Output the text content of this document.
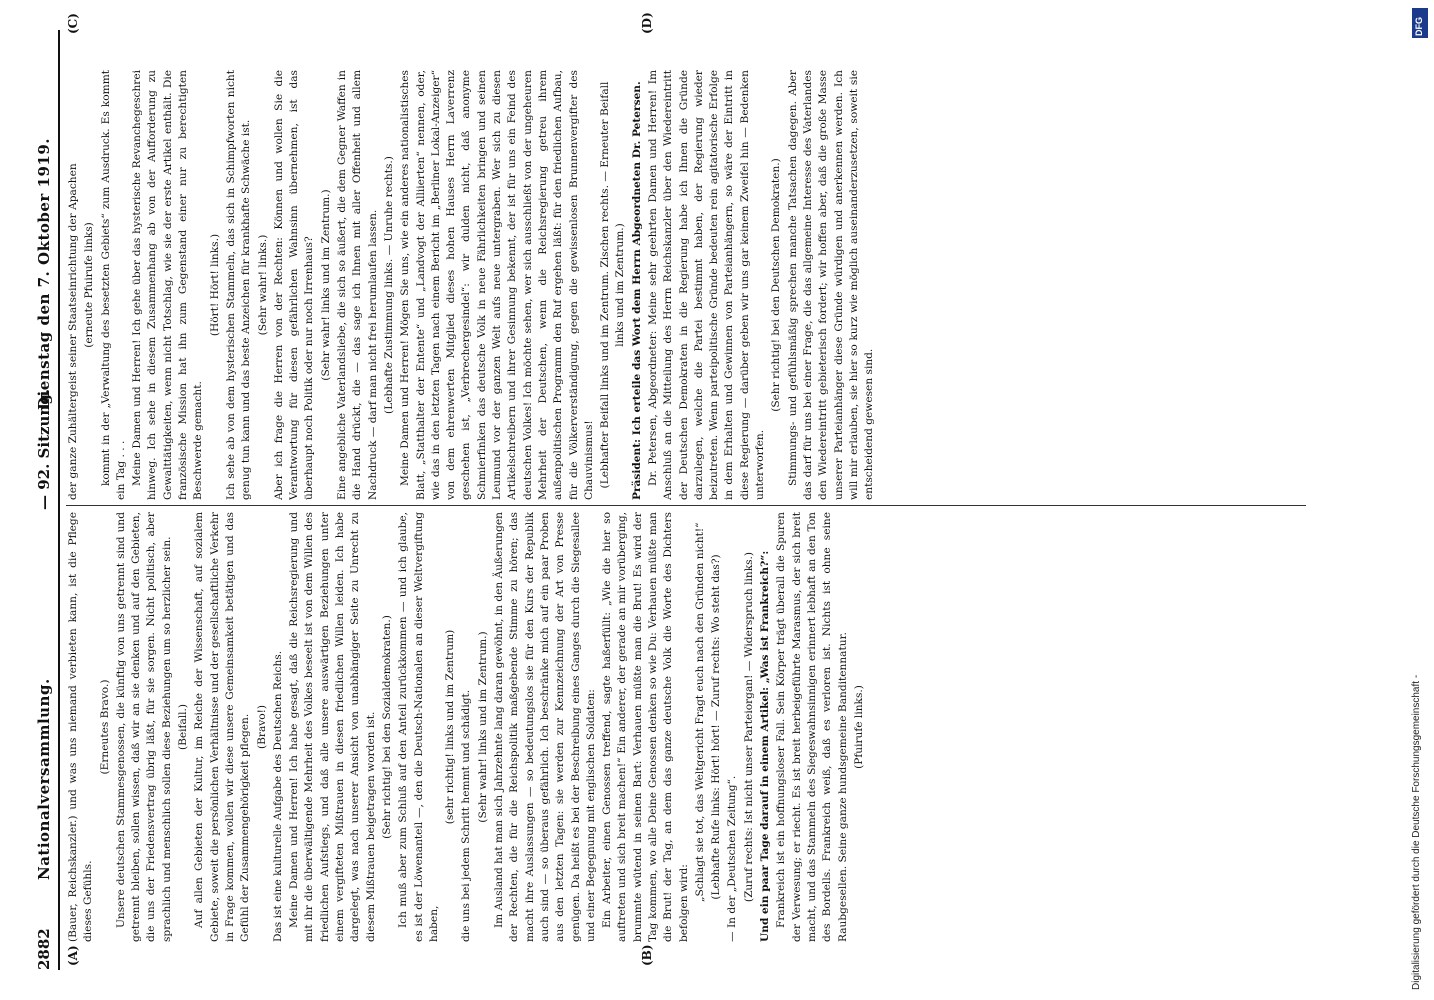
2882
Nationalversammlung.
— 92. Sitzung.
Dienstag den 7. Oktober 1919.
(A)	(B)
(C)	(D)

(Bauer, Reichskanzler.) und was uns niemand verbieten kann, ist die Pflege dieses Gefühls.

(Erneutes Bravo.) Unsere deutschen Stammesgenossen, die künftig von uns getrennt sind und getrennt bleiben, sollen wissen, daß wir an sie denken und auf den Gebieten, die uns der Friedensvertrag übrig läßt, für sie sorgen. Nicht politisch, aber sprachlich und menschlich sollen diese Beziehungen um so herzlicher sein. (Beifall.) Auf allen Gebieten der Kultur, im Reiche der Wissenschaft, auf sozialem Gebiete, soweit die persönlichen Verhältnisse und der gesellschaftliche Verkehr in Frage kommen, wollen wir diese unsere Gemeinsamkeit betätigen und das Gefühl der Zusammengehörigkeit pflegen. (Bravo!) Das ist eine kulturelle Aufgabe des Deutschen Reichs. Meine Damen und Herren! Ich habe gesagt, daß die Reichsregierung und mit ihr die überwältigende Mehrheit des Volkes beseelt ist von dem Willen des friedlichen Aufstiegs, und daß alle unsere auswärtigen Beziehungen unter einem vergifteten Mißtrauen in diesen friedlichen Willen leiden. Ich habe dargelegt, was nach unserer Ansicht von unabhängiger Seite zu Unrecht zu diesem Mißtrauen beigetragen worden ist. (Sehr richtig! bei den Sozialdemokraten.) Ich muß aber zum Schluß auf den Anteil zurückkommen — und ich glaube, es ist der Löwenanteil —, den die Deutsch-Nationalen an dieser Weltvergiftung haben,

(sehr richtig! links und im Zentrum) die uns bei jedem Schritt hemmt und schädigt. (Sehr wahr! links und im Zentrum.) Im Ausland hat man sich Jahrzehnte lang daran gewöhnt, in den Äußerungen der Rechten, die für die Reichspolitik maßgebende Stimme zu hören; das macht ihre Auslassungen — so bedeutungslos sie für den Kurs der Republik auch sind — so überaus gefährlich. Ich beschränke mich auf ein paar Proben aus den letzten Tagen: sie werden zur Kennzeichnung der Art von Presse genügen. Da heißt es bei der Beschreibung eines Ganges durch die Siegesallee und einer Begegnung mit englischen Soldaten: Ein Arbeiter, einen Genossen treffend, sagte haßerfüllt: „Wie die hier so auftreten und sich breit machen!“ Ein anderer, der gerade an mir vorüberging, brummte wütend in seinen Bart: Verhauen müßte man die Brut! Es wird der Tag kommen, wo alle Deine Genossen denken so wie Du: Verhauen müßte man die Brut! der Tag, an dem das ganze deutsche Volk die Worte des Dichters befolgen wird:

„Schlagt sie tot, das Weltgericht Fragt euch nach den Gründen nicht!“ (Lebhafte Rufe links: Hört! hört! — Zuruf rechts: Wo steht das?) — In der „Deutschen Zeitung“. (Zuruf rechts: Ist nicht unser Parteiorgan! — Widerspruch links.) Und ein paar Tage darauf in einem Artikel: „Was ist Frankreich?“: Frankreich ist ein hoffnungsloser Fall. Sein Körper trägt überall die Spuren der Verwesung; er riecht. Es ist breit herbeigeführte Marasmus, der sich breit macht, und das Stammeln des Siegeswahnsinnigen erinnert lebhaft an den Ton des Bordells. Frankreich weiß, daß es verloren ist. Nichts ist ohne seine Raubgesellen. Seine ganze hundsgemeine Banditennatur. (Pfuirufe links.)

der ganze Zuhältergeist seiner Staatseinrichtung der Apachen (erneute Pfuirufe links) kommt in der „Verwaltung des besetzten Gebiets“ zum Ausdruck. Es kommt ein Tag . . . Meine Damen und Herren! Ich gehe über das hysterische Revanchegeschrei hinweg. Ich sehe in diesem Zusammenhang ab von der Aufforderung zu Gewalttätigkeiten, wenn nicht Totschlag, wie sie der erste Artikel enthält. Die französische Mission hat ihn zum Gegenstand einer nur zu berechtigten Beschwerde gemacht.

(Hört! Hört! links.) Ich sehe ab von dem hysterischen Stammeln, das sich in Schimpfworten nicht genug tun kann und das beste Anzeichen für krankhafte Schwäche ist. (Sehr wahr! links.) Aber ich frage die Herren von der Rechten: Können und wollen Sie die Verantwortung für diesen gefährlichen Wahnsinn übernehmen, ist das überhaupt noch Politik oder nur noch Irrenhaus? (Sehr wahr! links und im Zentrum.) Eine angebliche Vaterlandsliebe, die sich so äußert, die dem Gegner Waffen in die Hand drückt, die — das sage ich Ihnen mit aller Offenheit und allem Nachdruck — darf man nicht frei herumlaufen lassen. (Lebhafte Zustimmung links. — Unruhe rechts.) Meine Damen und Herren! Mögen Sie uns, wie ein anderes nationalistisches Blatt, „Statthalter der Entente“ und „Landvogt der Alliierten“ nennen, oder, wie das in den letzten Tagen nach einem Bericht im „Berliner Lokal-Anzeiger“ von dem ehrenwerten Mitglied dieses hohen Hauses Herrn Laverrenz geschehen ist, „Verbrechergesindel“: wir dulden nicht, daß anonyme Schmierfinken das deutsche Volk in neue Fährlichkeiten bringen und seinen Leumund vor der ganzen Welt aufs neue untergraben. Wer sich zu diesen Artikelschreibern und ihrer Gesinnung bekennt, der ist für uns ein Feind des deutschen Volkes! Ich möchte sehen, wer sich ausschließt von der ungeheuren Mehrheit der Deutschen, wenn die Reichsregierung getreu ihrem außenpolitischen Programm den Ruf ergehen läßt: für den friedlichen Aufbau, für die Völkerverständigung, gegen die gewissenlosen Brunnenvergifter des Chauvinismus! (Lebhafter Beifall links und im Zentrum. Zischen rechts. — Erneuter Beifall links und im Zentrum.) Präsident: Ich erteile das Wort dem Herrn Abgeordneten Dr. Petersen. Dr. Petersen, Abgeordneter: Meine sehr geehrten Damen und Herren! Im Anschluß an die Mitteilung des Herrn Reichskanzler über den Wiedereintritt der Deutschen Demokraten in die Regierung habe ich Ihnen die Gründe darzulegen, welche die Partei bestimmt haben, der Regierung wieder beizutreten. Wenn parteipolitische Gründe bedeuten rein agitatorische Erfolge in dem Erhalten und Gewinnen von Parteianhängern, so wäre der Eintritt in diese Regierung — darüber geben wir uns gar keinem Zweifel hin — Bedenken unterworfen.

(Sehr richtig! bei den Deutschen Demokraten.) Stimmungs- und gefühlsmäßig sprechen manche Tatsachen dagegen. Aber das darf für uns bei einer Frage, die das allgemeine Interesse des Vaterlandes den Wiedereintritt gebieterisch fordert; wir hoffen aber, daß die große Masse unserer Parteianhänger diese Gründe würdigen und anerkennen werden. Ich will mir erlauben, sie hier so kurz wie möglich auseinanderzusetzen, soweit sie entscheidend gewesen sind.

Digitalisierung gefördert durch die Deutsche Forschungsgemeinschaft -
DFG
